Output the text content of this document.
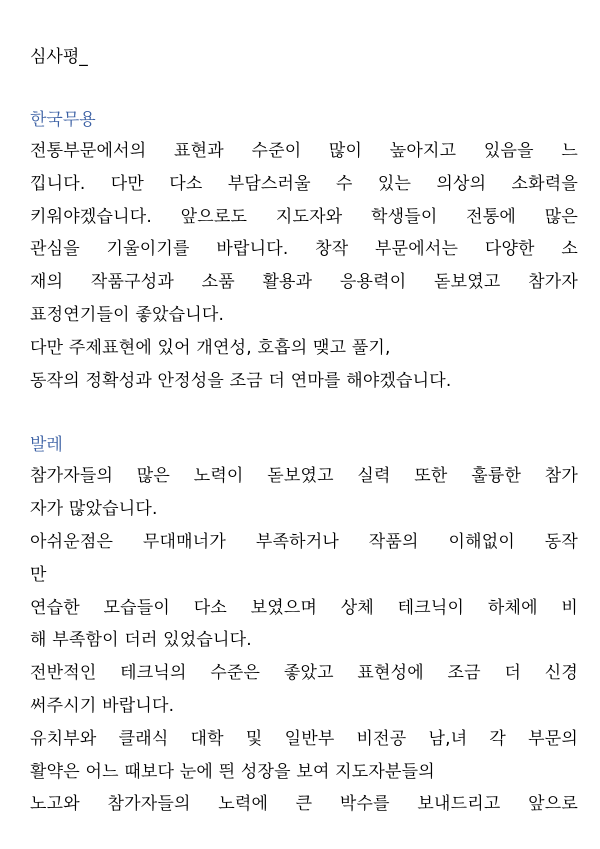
심사평_

한국무용

전통부문에서의 표현과 수준이 많이 높아지고 있음을 느

낍니다. 다만 다소 부담스러울 수 있는 의상의 소화력을

키워야겠습니다. 앞으로도 지도자와 학생들이 전통에 많은

관심을 기울이기를 바랍니다. 창작 부문에서는 다양한 소

재의 작품구성과 소품 활용과 응용력이 돋보였고 참가자

표정연기들이 좋았습니다.

다만 주제표현에 있어 개연성, 호흡의 맺고 풀기,

동작의 정확성과 안정성을 조금 더 연마를 해야겠습니다.

발레

참가자들의 많은 노력이 돋보였고 실력 또한 훌륭한 참가

자가 많았습니다.

아쉬운점은 무대매너가 부족하거나 작품의 이해없이 동작

만

연습한 모습들이 다소 보였으며 상체 테크닉이 하체에 비

해 부족함이 더러 있었습니다.

전반적인 테크닉의 수준은 좋았고 표현성에 조금 더 신경

써주시기 바랍니다.

유치부와 클래식 대학 및 일반부 비전공 남,녀 각 부문의

활약은 어느 때보다 눈에 띈 성장을 보여 지도자분들의

노고와 참가자들의 노력에 큰 박수를 보내드리고 앞으로
